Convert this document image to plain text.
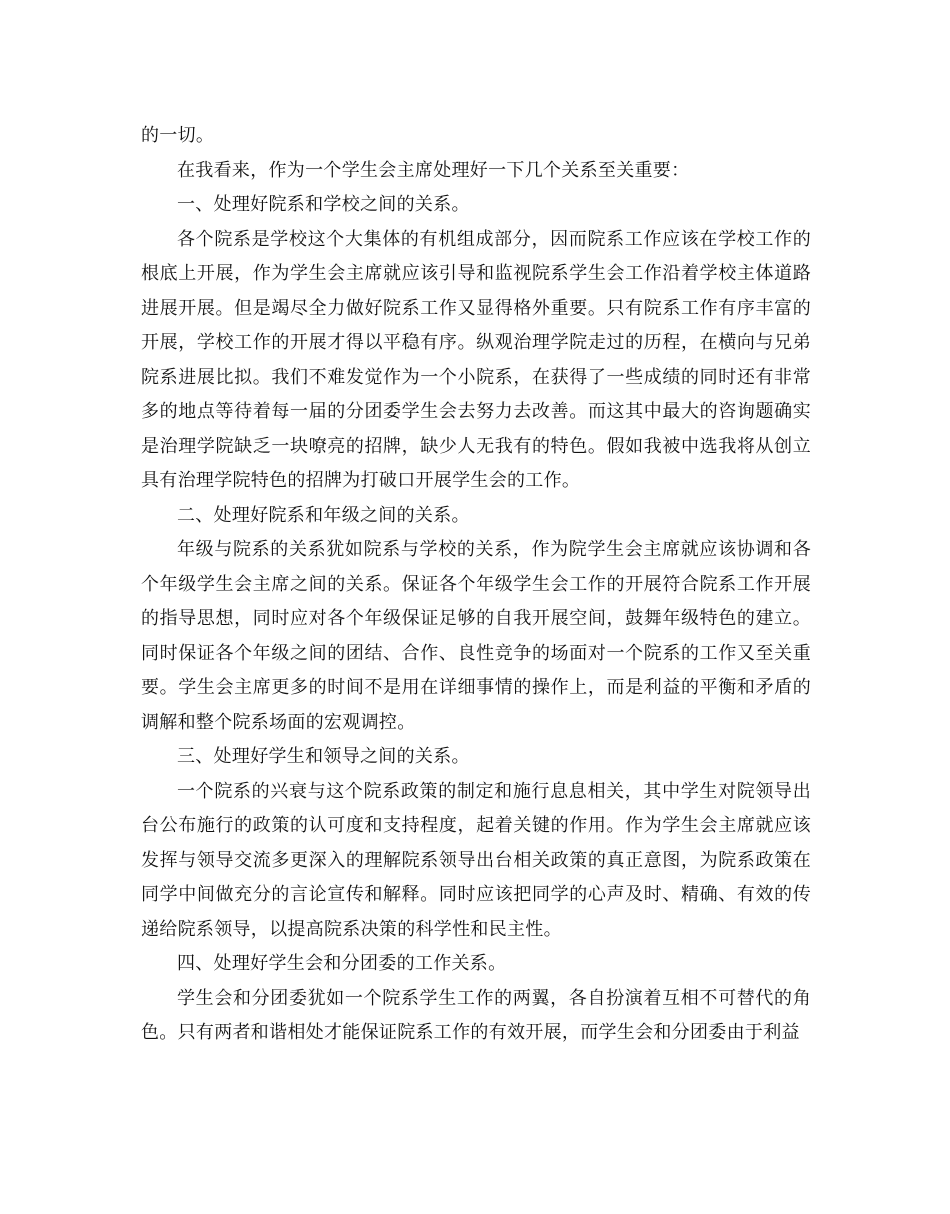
的一切。

在我看来，作为一个学生会主席处理好一下几个关系至关重要：

一、处理好院系和学校之间的关系。

各个院系是学校这个大集体的有机组成部分，因而院系工作应该在学校工作的根底上开展，作为学生会主席就应该引导和监视院系学生会工作沿着学校主体道路进展开展。但是竭尽全力做好院系工作又显得格外重要。只有院系工作有序丰富的开展，学校工作的开展才得以平稳有序。纵观治理学院走过的历程，在横向与兄弟院系进展比拟。我们不难发觉作为一个小院系，在获得了一些成绩的同时还有非常多的地点等待着每一届的分团委学生会去努力去改善。而这其中最大的咨询题确实是治理学院缺乏一块嘹亮的招牌，缺少人无我有的特色。假如我被中选我将从创立具有治理学院特色的招牌为打破口开展学生会的工作。

二、处理好院系和年级之间的关系。

年级与院系的关系犹如院系与学校的关系，作为院学生会主席就应该协调和各个年级学生会主席之间的关系。保证各个年级学生会工作的开展符合院系工作开展的指导思想，同时应对各个年级保证足够的自我开展空间，鼓舞年级特色的建立。同时保证各个年级之间的团结、合作、良性竞争的场面对一个院系的工作又至关重要。学生会主席更多的时间不是用在详细事情的操作上，而是利益的平衡和矛盾的调解和整个院系场面的宏观调控。

三、处理好学生和领导之间的关系。

一个院系的兴衰与这个院系政策的制定和施行息息相关，其中学生对院领导出台公布施行的政策的认可度和支持程度，起着关键的作用。作为学生会主席就应该发挥与领导交流多更深入的理解院系领导出台相关政策的真正意图，为院系政策在同学中间做充分的言论宣传和解释。同时应该把同学的心声及时、精确、有效的传递给院系领导，以提高院系决策的科学性和民主性。

四、处理好学生会和分团委的工作关系。

学生会和分团委犹如一个院系学生工作的两翼，各自扮演着互相不可替代的角色。只有两者和谐相处才能保证院系工作的有效开展，而学生会和分团委由于利益
